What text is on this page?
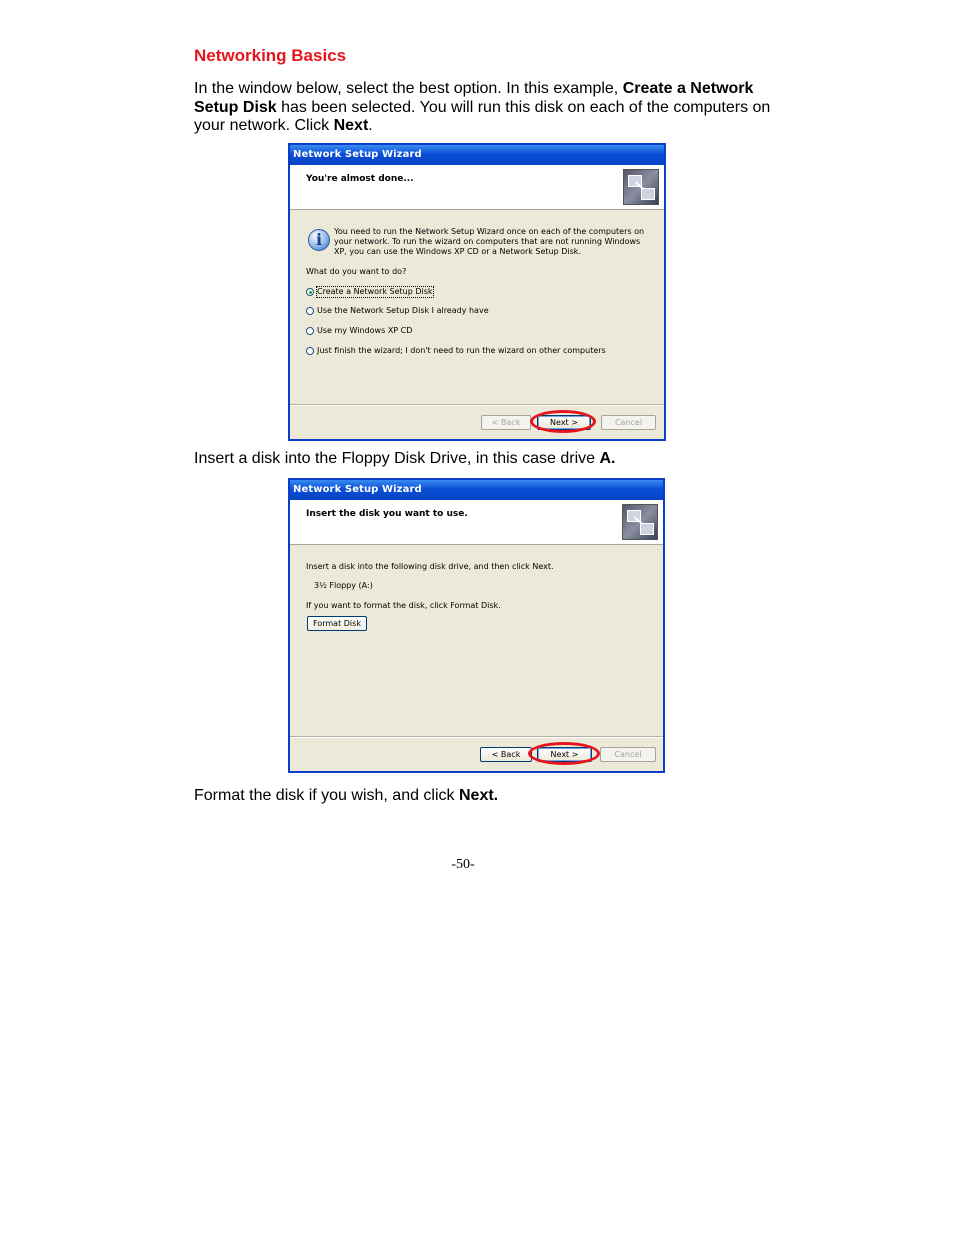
Networking Basics
In the window below, select the best option. In this example, Create a Network Setup Disk has been selected. You will run this disk on each of the computers on your network. Click Next.
Network Setup Wizard
You're almost done...
i	You need to run the Network Setup Wizard once on each of the computers on your network. To run the wizard on computers that are not running Windows XP, you can use the Windows XP CD or a Network Setup Disk.
What do you want to do?
Create a Network Setup Disk
Use the Network Setup Disk I already have
Use my Windows XP CD
Just finish the wizard; I don't need to run the wizard on other computers
< Back	Next >	Cancel
Insert a disk into the Floppy Disk Drive, in this case drive A.
Network Setup Wizard
Insert the disk you want to use.
Insert a disk into the following disk drive, and then click Next.
3½ Floppy (A:)
If you want to format the disk, click Format Disk.
Format Disk
< Back	Next >	Cancel
Format the disk if you wish, and click Next.
-50-
